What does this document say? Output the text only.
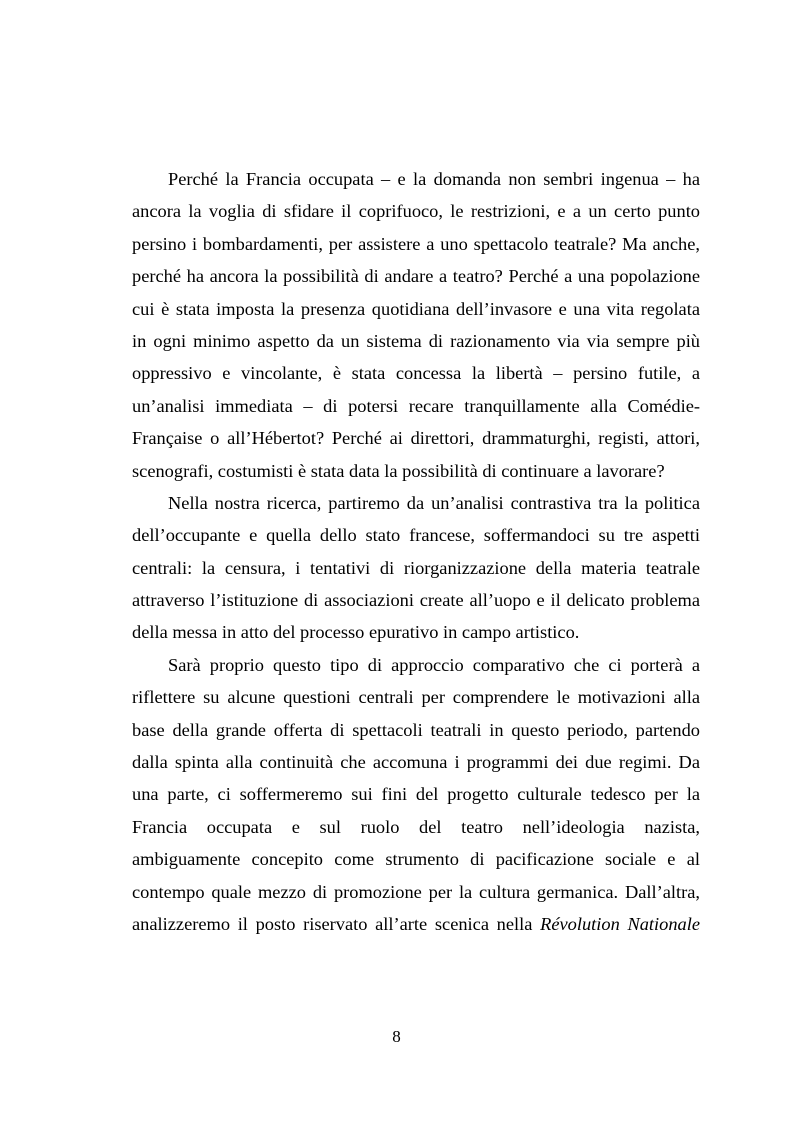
Perché la Francia occupata – e la domanda non sembri ingenua – ha
ancora la voglia di sfidare il coprifuoco, le restrizioni, e a un certo punto
persino i bombardamenti, per assistere a uno spettacolo teatrale? Ma anche,
perché ha ancora la possibilità di andare a teatro? Perché a una popolazione
cui è stata imposta la presenza quotidiana dell’invasore e una vita regolata
in ogni minimo aspetto da un sistema di razionamento via via sempre più
oppressivo e vincolante, è stata concessa la libertà – persino futile, a
un’analisi immediata – di potersi recare tranquillamente alla Comédie-
Française o all’Hébertot? Perché ai direttori, drammaturghi, registi, attori,
scenografi, costumisti è stata data la possibilità di continuare a lavorare?
Nella nostra ricerca, partiremo da un’analisi contrastiva tra la politica
dell’occupante e quella dello stato francese, soffermandoci su tre aspetti
centrali: la censura, i tentativi di riorganizzazione della materia teatrale
attraverso l’istituzione di associazioni create all’uopo e il delicato problema
della messa in atto del processo epurativo in campo artistico.
Sarà proprio questo tipo di approccio comparativo che ci porterà a
riflettere su alcune questioni centrali per comprendere le motivazioni alla
base della grande offerta di spettacoli teatrali in questo periodo, partendo
dalla spinta alla continuità che accomuna i programmi dei due regimi. Da
una parte, ci soffermeremo sui fini del progetto culturale tedesco per la
Francia occupata e sul ruolo del teatro nell’ideologia nazista,
ambiguamente concepito come strumento di pacificazione sociale e al
contempo quale mezzo di promozione per la cultura germanica. Dall’altra,
analizzeremo il posto riservato all’arte scenica nella Révolution Nationale
8
